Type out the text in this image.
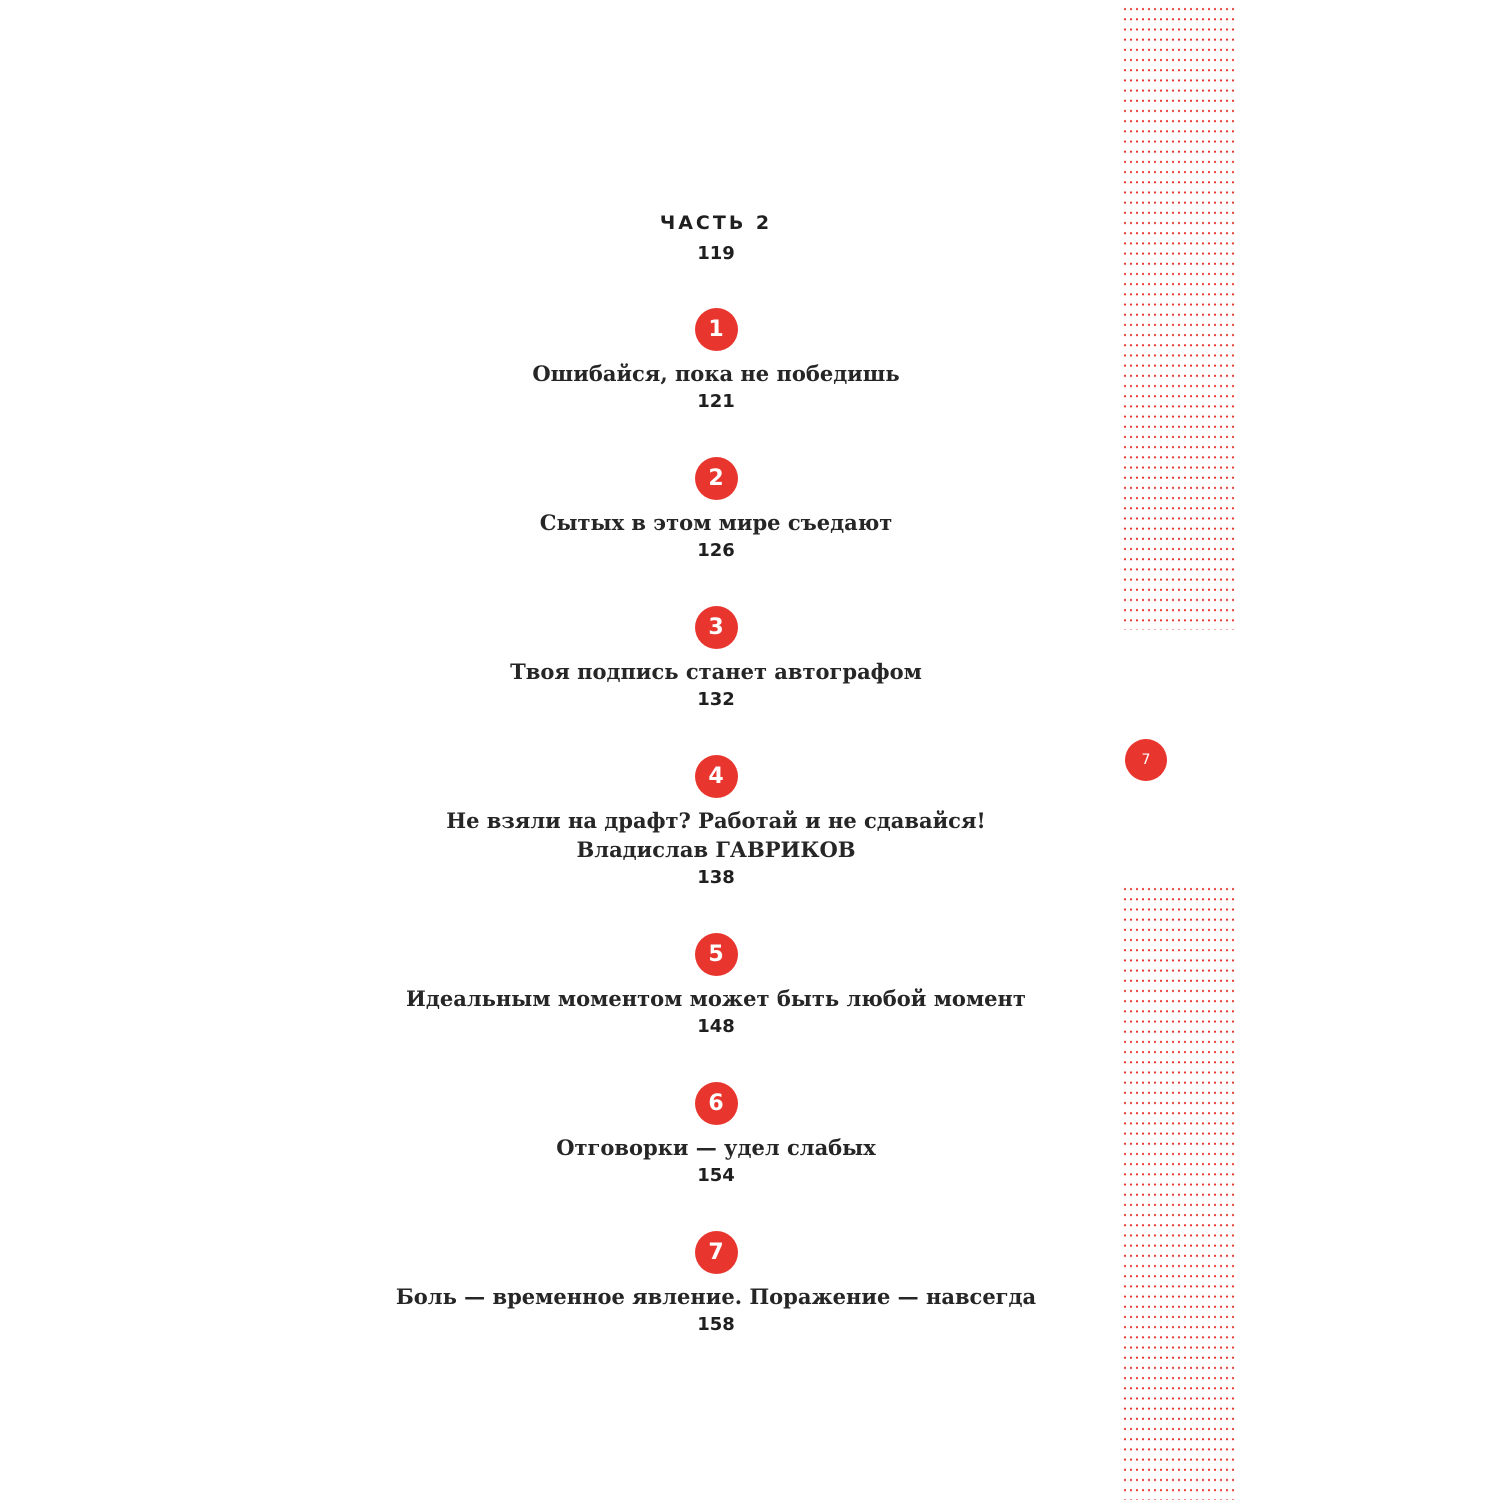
7
ЧАСТЬ 2
119
1
Ошибайся, пока не победишь
121
2
Сытых в этом мире съедают
126
3
Твоя подпись станет автографом
132
4
Не взяли на драфт? Работай и не сдавайся!
Владислав ГАВРИКОВ
138
5
Идеальным моментом может быть любой момент
148
6
Отговорки — удел слабых
154
7
Боль — временное явление. Поражение — навсегда
158
